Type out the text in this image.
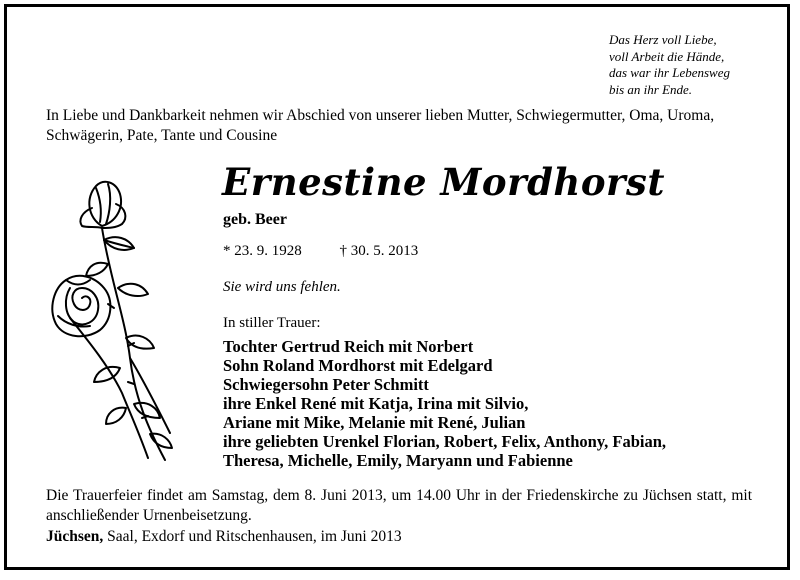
Das Herz voll Liebe,
voll Arbeit die Hände,
das war ihr Lebensweg
bis an ihr Ende.
In Liebe und Dankbarkeit nehmen wir Abschied von unserer lieben Mutter, Schwiegermutter, Oma, Uroma, Schwägerin, Pate, Tante und Cousine
Ernestine Mordhorst
geb. Beer
* 23. 9. 1928	† 30. 5. 2013
Sie wird uns fehlen.
In stiller Trauer:
Tochter Gertrud Reich mit Norbert
Sohn Roland Mordhorst mit Edelgard
Schwiegersohn Peter Schmitt
ihre Enkel René mit Katja, Irina mit Silvio,
Ariane mit Mike, Melanie mit René, Julian
ihre geliebten Urenkel Florian, Robert, Felix, Anthony, Fabian,
Theresa, Michelle, Emily, Maryann und Fabienne
Die Trauerfeier findet am Samstag, dem 8. Juni 2013, um 14.00 Uhr in der Friedenskirche zu Jüchsen statt, mit anschließender Urnenbeisetzung.
Jüchsen, Saal, Exdorf und Ritschenhausen, im Juni 2013
